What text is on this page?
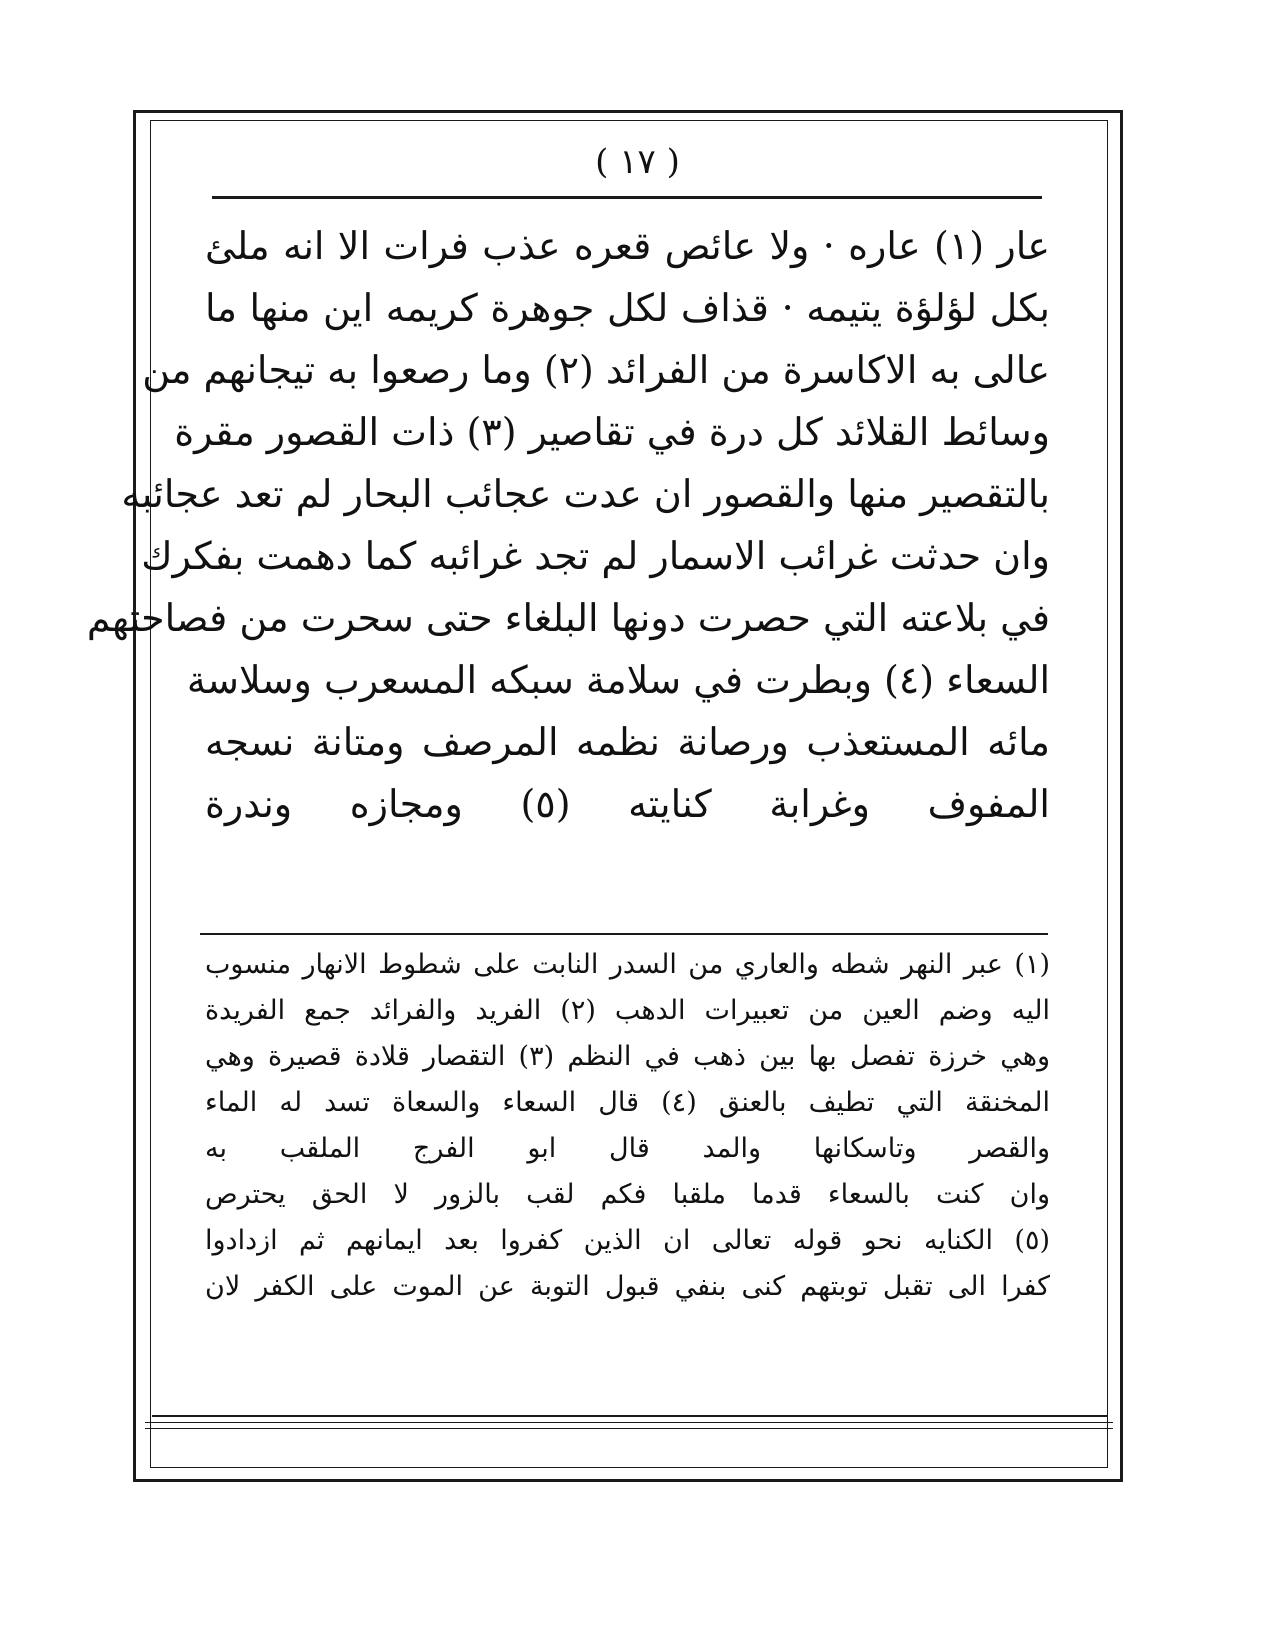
( ١٧ )
عار (١) عاره · ولا عائص قعره عذب فرات الا انه ملئ
بكل لؤلؤة يتيمه · قذاف لكل جوهرة كريمه اين منها ما
عالى به الاكاسرة من الفرائد (٢) وما رصعوا به تيجانهم من
وسائط القلائد كل درة في تقاصير (٣) ذات القصور مقرة
بالتقصير منها والقصور ان عدت عجائب البحار لم تعد عجائبه
وان حدثت غرائب الاسمار لم تجد غرائبه كما دهمت بفكرك
في بلاعته التي حصرت دونها البلغاء حتى سحرت من فصاحتهم
السعاء (٤) وبطرت في سلامة سبكه المسعرب وسلاسة
مائه المستعذب ورصانة نظمه المرصف ومتانة نسجه
المفوف وغرابة كنايته (٥) ومجازه وندرة
(١) عبر النهر شطه والعاري من السدر النابت على شطوط الانهار منسوب
اليه وضم العين من تعبيرات الدهب (٢) الفريد والفرائد جمع الفريدة
وهي خرزة تفصل بها بين ذهب في النظم (٣) التقصار قلادة قصيرة وهي
المخنقة التي تطيف بالعنق (٤) قال السعاء والسعاة تسد له الماء
والقصر وتاسكانها والمد قال ابو الفرج الملقب به
وان كنت بالسعاء قدما ملقبا فكم لقب بالزور لا الحق يحترص
(٥) الكنايه نحو قوله تعالى ان الذين كفروا بعد ايمانهم ثم ازدادوا
كفرا الى تقبل توبتهم كنى بنفي قبول التوبة عن الموت على الكفر لان
